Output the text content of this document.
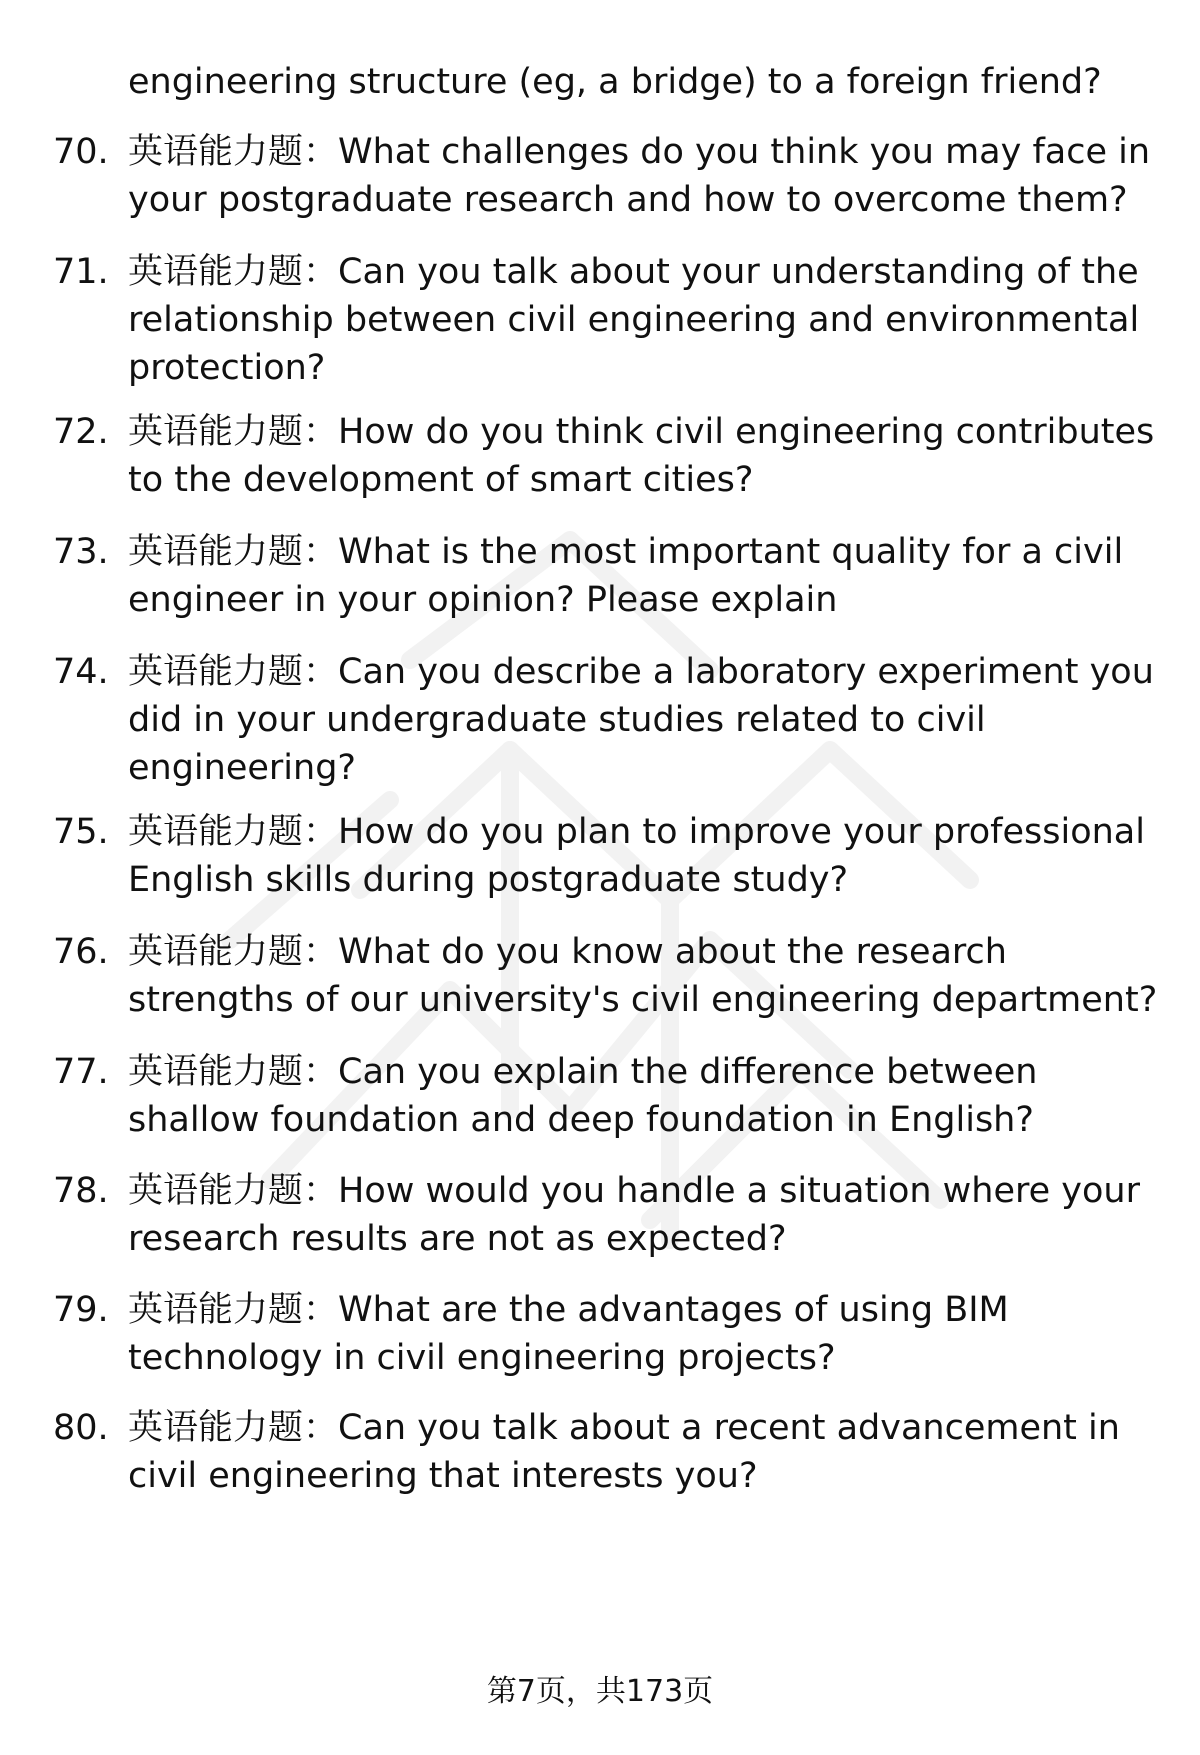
engineering structure (eg, a bridge) to a foreign friend?
70. 英语能力题：What challenges do you think you may face in
your postgraduate research and how to overcome them?
71. 英语能力题：Can you talk about your understanding of the
relationship between civil engineering and environmental
protection?
72. 英语能力题：How do you think civil engineering contributes
to the development of smart cities?
73. 英语能力题：What is the most important quality for a civil
engineer in your opinion? Please explain
74. 英语能力题：Can you describe a laboratory experiment you
did in your undergraduate studies related to civil
engineering?
75. 英语能力题：How do you plan to improve your professional
English skills during postgraduate study?
76. 英语能力题：What do you know about the research
strengths of our university's civil engineering department?
77. 英语能力题：Can you explain the difference between
shallow foundation and deep foundation in English?
78. 英语能力题：How would you handle a situation where your
research results are not as expected?
79. 英语能力题：What are the advantages of using BIM
technology in civil engineering projects?
80. 英语能力题：Can you talk about a recent advancement in
civil engineering that interests you?
第7页，共173页
